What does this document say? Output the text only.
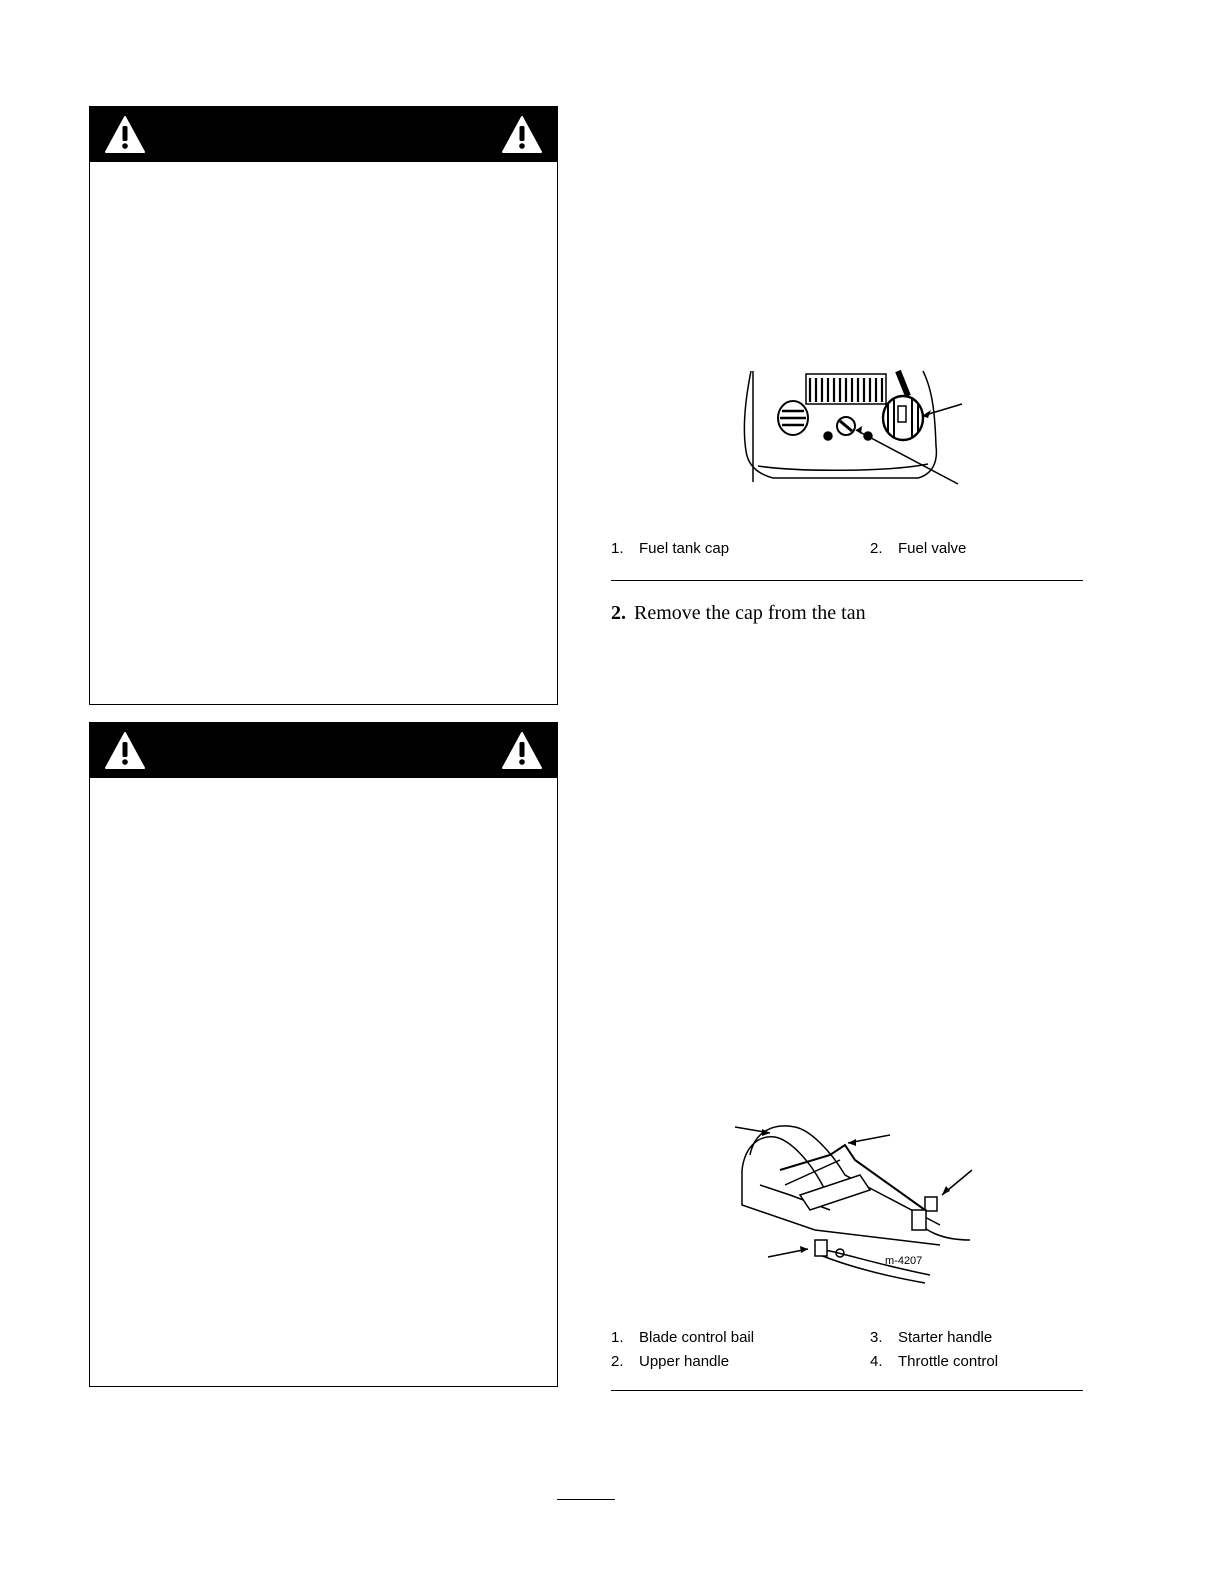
1. Fuel tank cap	2. Fuel valve
2. Remove the cap from the tan
m-4207
1. Blade control bail
2. Upper handle
3. Starter handle
4. Throttle control
